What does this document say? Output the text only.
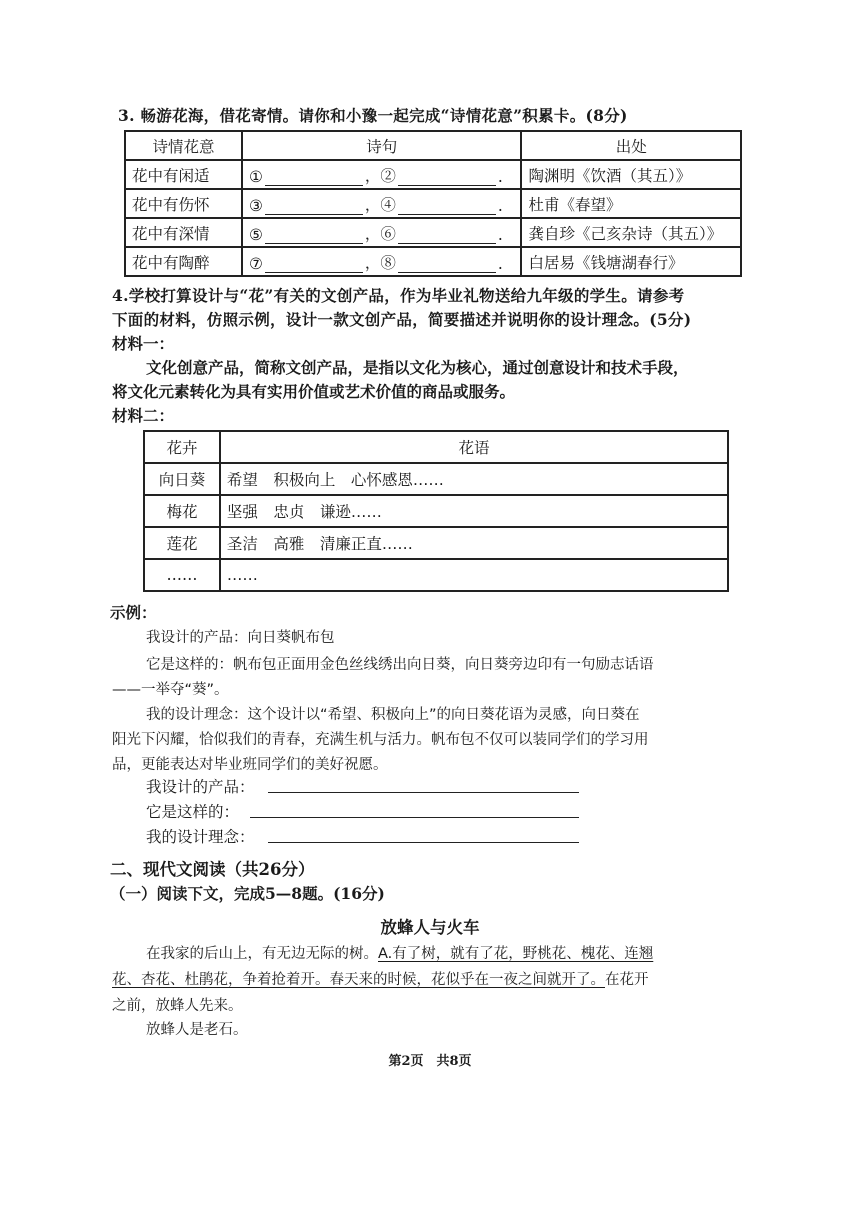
3. 畅游花海，借花寄情。请你和小豫一起完成“诗情花意”积累卡。(8分)
诗情花意	诗句	出处
花中有闲适	① ，② .	陶渊明《饮酒（其五）》
花中有伤怀	③ ，④ .	杜甫《春望》
花中有深情	⑤ ，⑥ .	龚自珍《己亥杂诗（其五）》
花中有陶醉	⑦ ，⑧ .	白居易《钱塘湖春行》
4.学校打算设计与“花”有关的文创产品，作为毕业礼物送给九年级的学生。请参考
下面的材料，仿照示例，设计一款文创产品，简要描述并说明你的设计理念。(5分)
材料一：
文化创意产品，简称文创产品，是指以文化为核心，通过创意设计和技术手段，
将文化元素转化为具有实用价值或艺术价值的商品或服务。
材料二：
花卉	花语
向日葵	希望　积极向上　心怀感恩……
梅花	坚强　忠贞　谦逊……
莲花	圣洁　高雅　清廉正直……
……	……
示例：
我设计的产品：向日葵帆布包
它是这样的：帆布包正面用金色丝线绣出向日葵，向日葵旁边印有一句励志话语
——一举夺“葵”。
我的设计理念：这个设计以“希望、积极向上”的向日葵花语为灵感，向日葵在
阳光下闪耀，恰似我们的青春，充满生机与活力。帆布包不仅可以装同学们的学习用
品，更能表达对毕业班同学们的美好祝愿。
我设计的产品：
它是这样的：
我的设计理念：
二、现代文阅读（共26分）
（一）阅读下文，完成5—8题。(16分)
放蜂人与火车
在我家的后山上，有无边无际的树。A.有了树，就有了花，野桃花、槐花、连翘
花、杏花、杜鹃花，争着抢着开。春天来的时候，花似乎在一夜之间就开了。在花开
之前，放蜂人先来。
放蜂人是老石。
第2页　共8页
